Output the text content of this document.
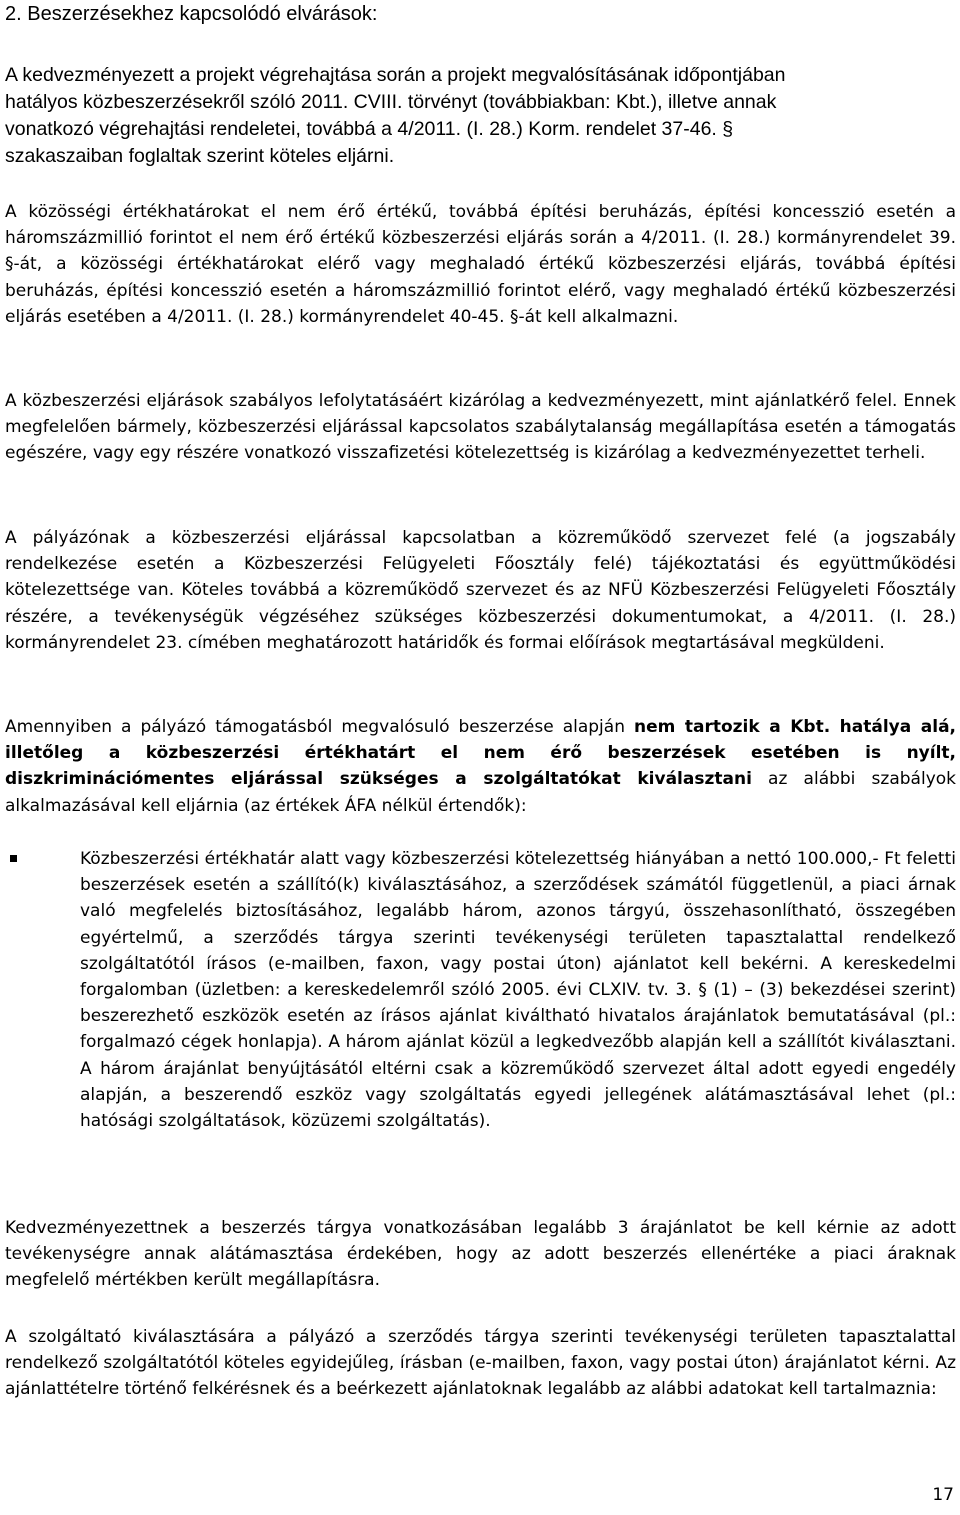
2. Beszerzésekhez kapcsolódó elvárások:
A kedvezményezett a projekt végrehajtása során a projekt megvalósításának időpontjában
hatályos közbeszerzésekről szóló 2011. CVIII. törvényt (továbbiakban: Kbt.), illetve annak
vonatkozó végrehajtási rendeletei, továbbá a 4/2011. (I. 28.) Korm. rendelet 37-46. §
szakaszaiban foglaltak szerint köteles eljárni.
A közösségi értékhatárokat el nem érő értékű, továbbá építési beruházás, építési koncesszió esetén a háromszázmillió forintot el nem érő értékű közbeszerzési eljárás során a 4/2011. (I. 28.) kormányrendelet 39. §-át, a közösségi értékhatárokat elérő vagy meghaladó értékű közbeszerzési eljárás, továbbá építési beruházás, építési koncesszió esetén a háromszázmillió forintot elérő, vagy meghaladó értékű közbeszerzési eljárás esetében a 4/2011. (I. 28.) kormányrendelet 40-45. §-át kell alkalmazni.
A közbeszerzési eljárások szabályos lefolytatásáért kizárólag a kedvezményezett, mint ajánlatkérő felel. Ennek megfelelően bármely, közbeszerzési eljárással kapcsolatos szabálytalanság megállapítása esetén a támogatás egészére, vagy egy részére vonatkozó visszafizetési kötelezettség is kizárólag a kedvezményezettet terheli.
A pályázónak a közbeszerzési eljárással kapcsolatban a közreműködő szervezet felé (a jogszabály rendelkezése esetén a Közbeszerzési Felügyeleti Főosztály felé) tájékoztatási és együttműködési kötelezettsége van. Köteles továbbá a közreműködő szervezet és az NFÜ Közbeszerzési Felügyeleti Főosztály részére, a tevékenységük végzéséhez szükséges közbeszerzési dokumentumokat, a 4/2011. (I. 28.) kormányrendelet 23. címében meghatározott határidők és formai előírások megtartásával megküldeni.
Amennyiben a pályázó támogatásból megvalósuló beszerzése alapján nem tartozik a Kbt. hatálya alá, illetőleg a közbeszerzési értékhatárt el nem érő beszerzések esetében is nyílt, diszkriminációmentes eljárással szükséges a szolgáltatókat kiválasztani az alábbi szabályok alkalmazásával kell eljárnia (az értékek ÁFA nélkül értendők):
Közbeszerzési értékhatár alatt vagy közbeszerzési kötelezettség hiányában a nettó 100.000,- Ft feletti beszerzések esetén a szállító(k) kiválasztásához, a szerződések számától függetlenül, a piaci árnak való megfelelés biztosításához, legalább három, azonos tárgyú, összehasonlítható, összegében egyértelmű, a szerződés tárgya szerinti tevékenységi területen tapasztalattal rendelkező szolgáltatótól írásos (e-mailben, faxon, vagy postai úton) ajánlatot kell bekérni. A kereskedelmi forgalomban (üzletben: a kereskedelemről szóló 2005. évi CLXIV. tv. 3. § (1) – (3) bekezdései szerint) beszerezhető eszközök esetén az írásos ajánlat kiváltható hivatalos árajánlatok bemutatásával (pl.: forgalmazó cégek honlapja). A három ajánlat közül a legkedvezőbb alapján kell a szállítót kiválasztani. A három árajánlat benyújtásától eltérni csak a közreműködő szervezet által adott egyedi engedély alapján, a beszerendő eszköz vagy szolgáltatás egyedi jellegének alátámasztásával lehet (pl.: hatósági szolgáltatások, közüzemi szolgáltatás).
Kedvezményezettnek a beszerzés tárgya vonatkozásában legalább 3 árajánlatot be kell kérnie az adott tevékenységre annak alátámasztása érdekében, hogy az adott beszerzés ellenértéke a piaci áraknak megfelelő mértékben került megállapításra.
A szolgáltató kiválasztására a pályázó a szerződés tárgya szerinti tevékenységi területen tapasztalattal rendelkező szolgáltatótól köteles egyidejűleg, írásban (e-mailben, faxon, vagy postai úton) árajánlatot kérni. Az ajánlattételre történő felkérésnek és a beérkezett ajánlatoknak legalább az alábbi adatokat kell tartalmaznia:
17
